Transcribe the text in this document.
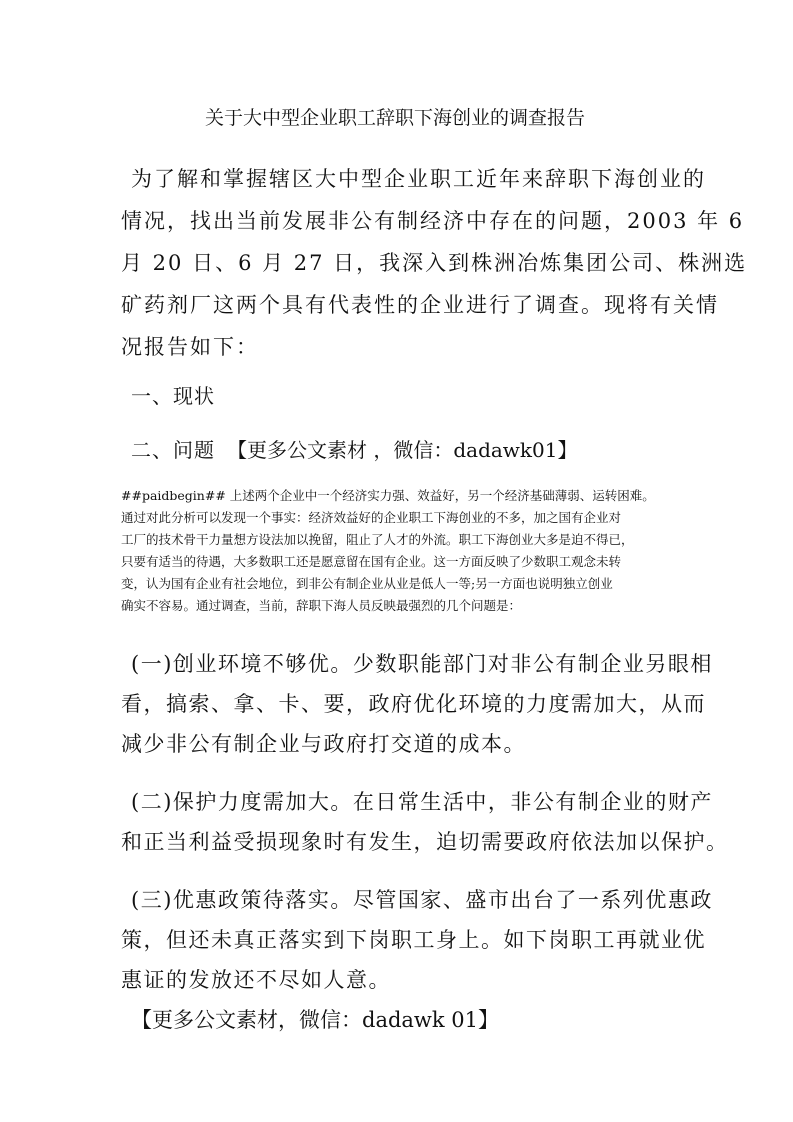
关于大中型企业职工辞职下海创业的调查报告
为了解和掌握辖区大中型企业职工近年来辞职下海创业的
情况，找出当前发展非公有制经济中存在的问题，2003 年 6
月 20 日、6 月 27 日，我深入到株洲冶炼集团公司、株洲选
矿药剂厂这两个具有代表性的企业进行了调查。现将有关情
况报告如下：
一、现状
二、问题 【更多公文素材 ，微信：dadawk01】
##paidbegin## 上述两个企业中一个经济实力强、效益好，另一个经济基础薄弱、运转困难。
通过对此分析可以发现一个事实：经济效益好的企业职工下海创业的不多，加之国有企业对
工厂的技术骨干力量想方设法加以挽留，阻止了人才的外流。职工下海创业大多是迫不得已，
只要有适当的待遇，大多数职工还是愿意留在国有企业。这一方面反映了少数职工观念未转
变，认为国有企业有社会地位，到非公有制企业从业是低人一等;另一方面也说明独立创业
确实不容易。通过调查，当前，辞职下海人员反映最强烈的几个问题是：
(一)创业环境不够优。少数职能部门对非公有制企业另眼相
看，搞索、拿、卡、要，政府优化环境的力度需加大，从而
减少非公有制企业与政府打交道的成本。
(二)保护力度需加大。在日常生活中，非公有制企业的财产
和正当利益受损现象时有发生，迫切需要政府依法加以保护。
(三)优惠政策待落实。尽管国家、盛市出台了一系列优惠政
策，但还未真正落实到下岗职工身上。如下岗职工再就业优
惠证的发放还不尽如人意。
【更多公文素材，微信：dadawk 01】
